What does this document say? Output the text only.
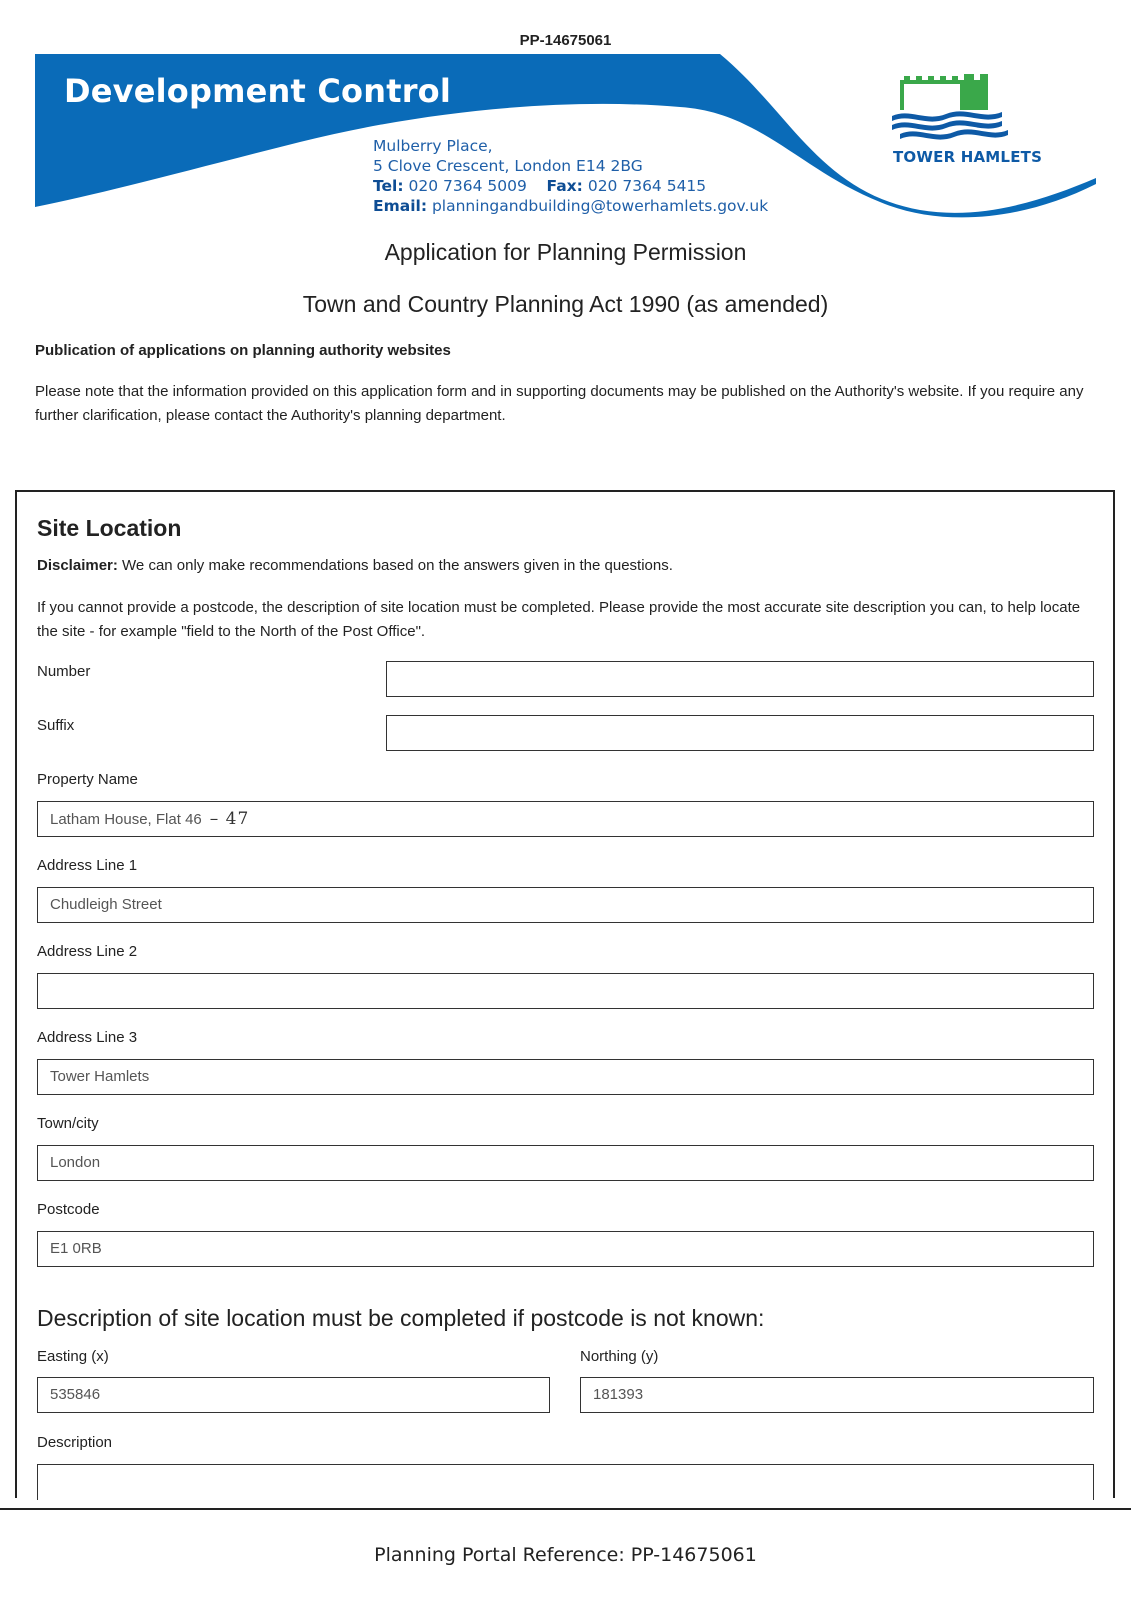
PP-14675061
Development Control
Mulberry Place,
5 Clove Crescent, London E14 2BG
Tel: 020 7364 5009 Fax: 020 7364 5415
Email: planningandbuilding@towerhamlets.gov.uk
TOWER HAMLETS
Application for Planning Permission
Town and Country Planning Act 1990 (as amended)
Publication of applications on planning authority websites
Please note that the information provided on this application form and in supporting documents may be published on the Authority's website. If you require any further clarification, please contact the Authority's planning department.
Site Location
Disclaimer: We can only make recommendations based on the answers given in the questions.
If you cannot provide a postcode, the description of site location must be completed. Please provide the most accurate site description you can, to help locate the site - for example "field to the North of the Post Office".
Number
Suffix
Property Name
Latham House, Flat 46 – 47
Address Line 1
Chudleigh Street
Address Line 2
Address Line 3
Tower Hamlets
Town/city
London
Postcode
E1 0RB
Description of site location must be completed if postcode is not known:
Easting (x)
535846
Northing (y)
181393
Description
Planning Portal Reference: PP-14675061
